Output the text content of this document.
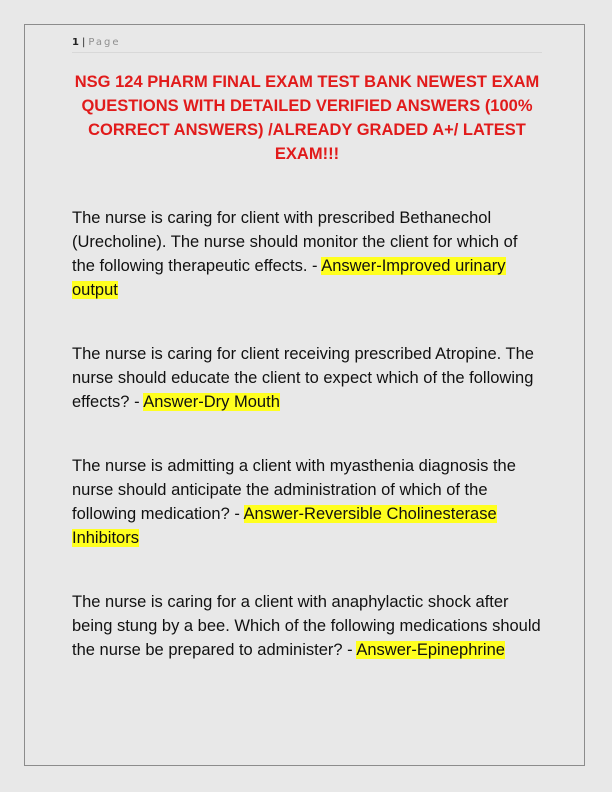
1 | Page
NSG 124 PHARM FINAL EXAM TEST BANK NEWEST EXAM QUESTIONS WITH DETAILED VERIFIED ANSWERS (100% CORRECT ANSWERS) /ALREADY GRADED A+/ LATEST EXAM!!!

The nurse is caring for client with prescribed Bethanechol (Urecholine). The nurse should monitor the client for which of the following therapeutic effects. - Answer-Improved urinary output

The nurse is caring for client receiving prescribed Atropine. The nurse should educate the client to expect which of the following effects? - Answer-Dry Mouth

The nurse is admitting a client with myasthenia diagnosis the nurse should anticipate the administration of which of the following medication? - Answer-Reversible Cholinesterase Inhibitors

The nurse is caring for a client with anaphylactic shock after being stung by a bee. Which of the following medications should the nurse be prepared to administer? - Answer-Epinephrine
